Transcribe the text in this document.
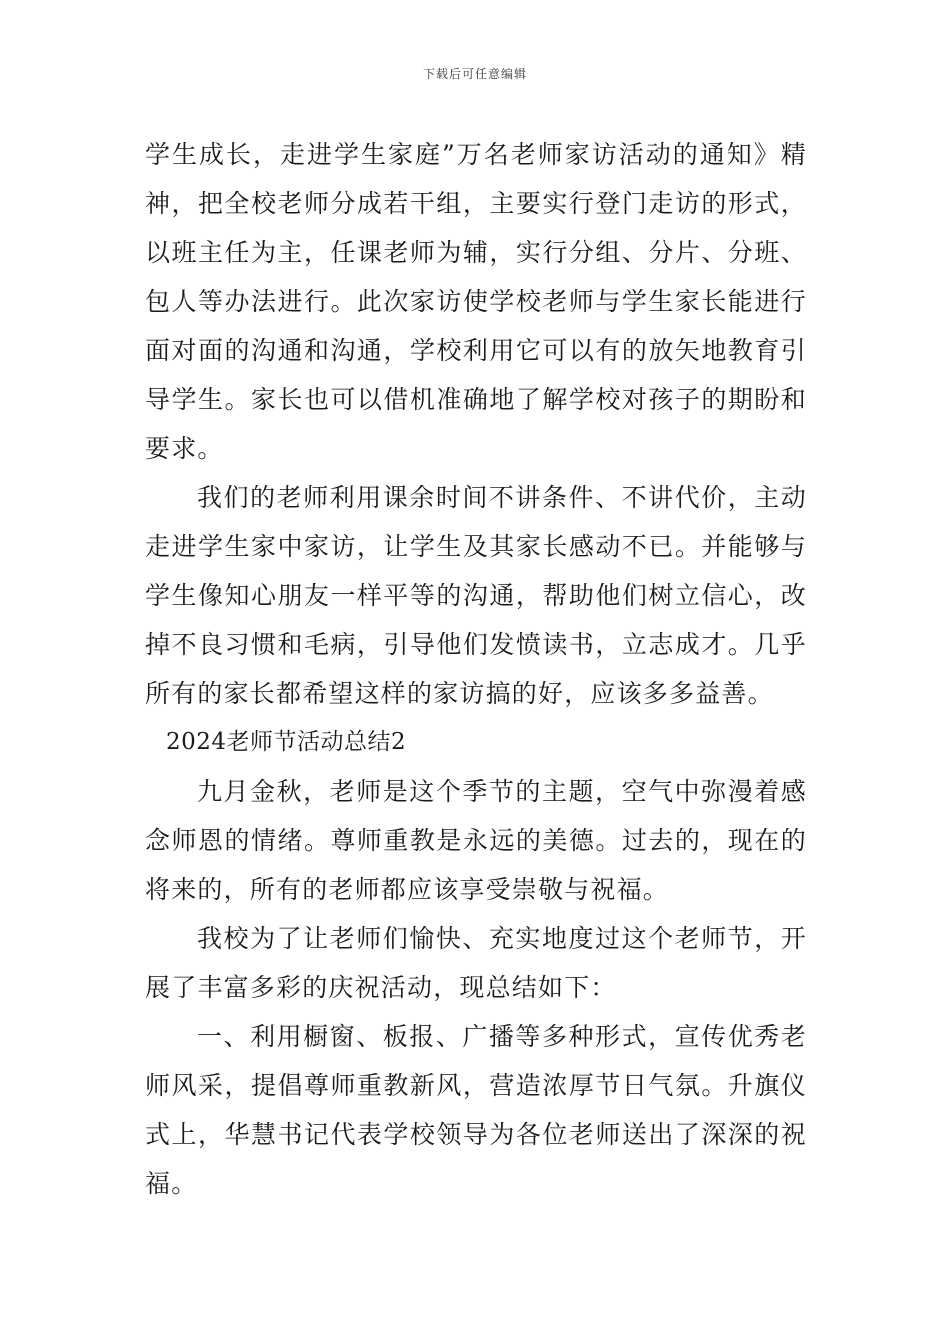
下载后可任意编辑

学生成长，走进学生家庭”万名老师家访活动的通知》精神，把全校老师分成若干组，主要实行登门走访的形式，以班主任为主，任课老师为辅，实行分组、分片、分班、包人等办法进行。此次家访使学校老师与学生家长能进行面对面的沟通和沟通，学校利用它可以有的放矢地教育引导学生。家长也可以借机准确地了解学校对孩子的期盼和要求。

我们的老师利用课余时间不讲条件、不讲代价，主动走进学生家中家访，让学生及其家长感动不已。并能够与学生像知心朋友一样平等的沟通，帮助他们树立信心，改掉不良习惯和毛病，引导他们发愤读书，立志成才。几乎所有的家长都希望这样的家访搞的好，应该多多益善。

2024老师节活动总结2

九月金秋，老师是这个季节的主题，空气中弥漫着感念师恩的情绪。尊师重教是永远的美德。过去的，现在的将来的，所有的老师都应该享受崇敬与祝福。

我校为了让老师们愉快、充实地度过这个老师节，开展了丰富多彩的庆祝活动，现总结如下：

一、利用橱窗、板报、广播等多种形式，宣传优秀老师风采，提倡尊师重教新风，营造浓厚节日气氛。升旗仪式上，华慧书记代表学校领导为各位老师送出了深深的祝福。
